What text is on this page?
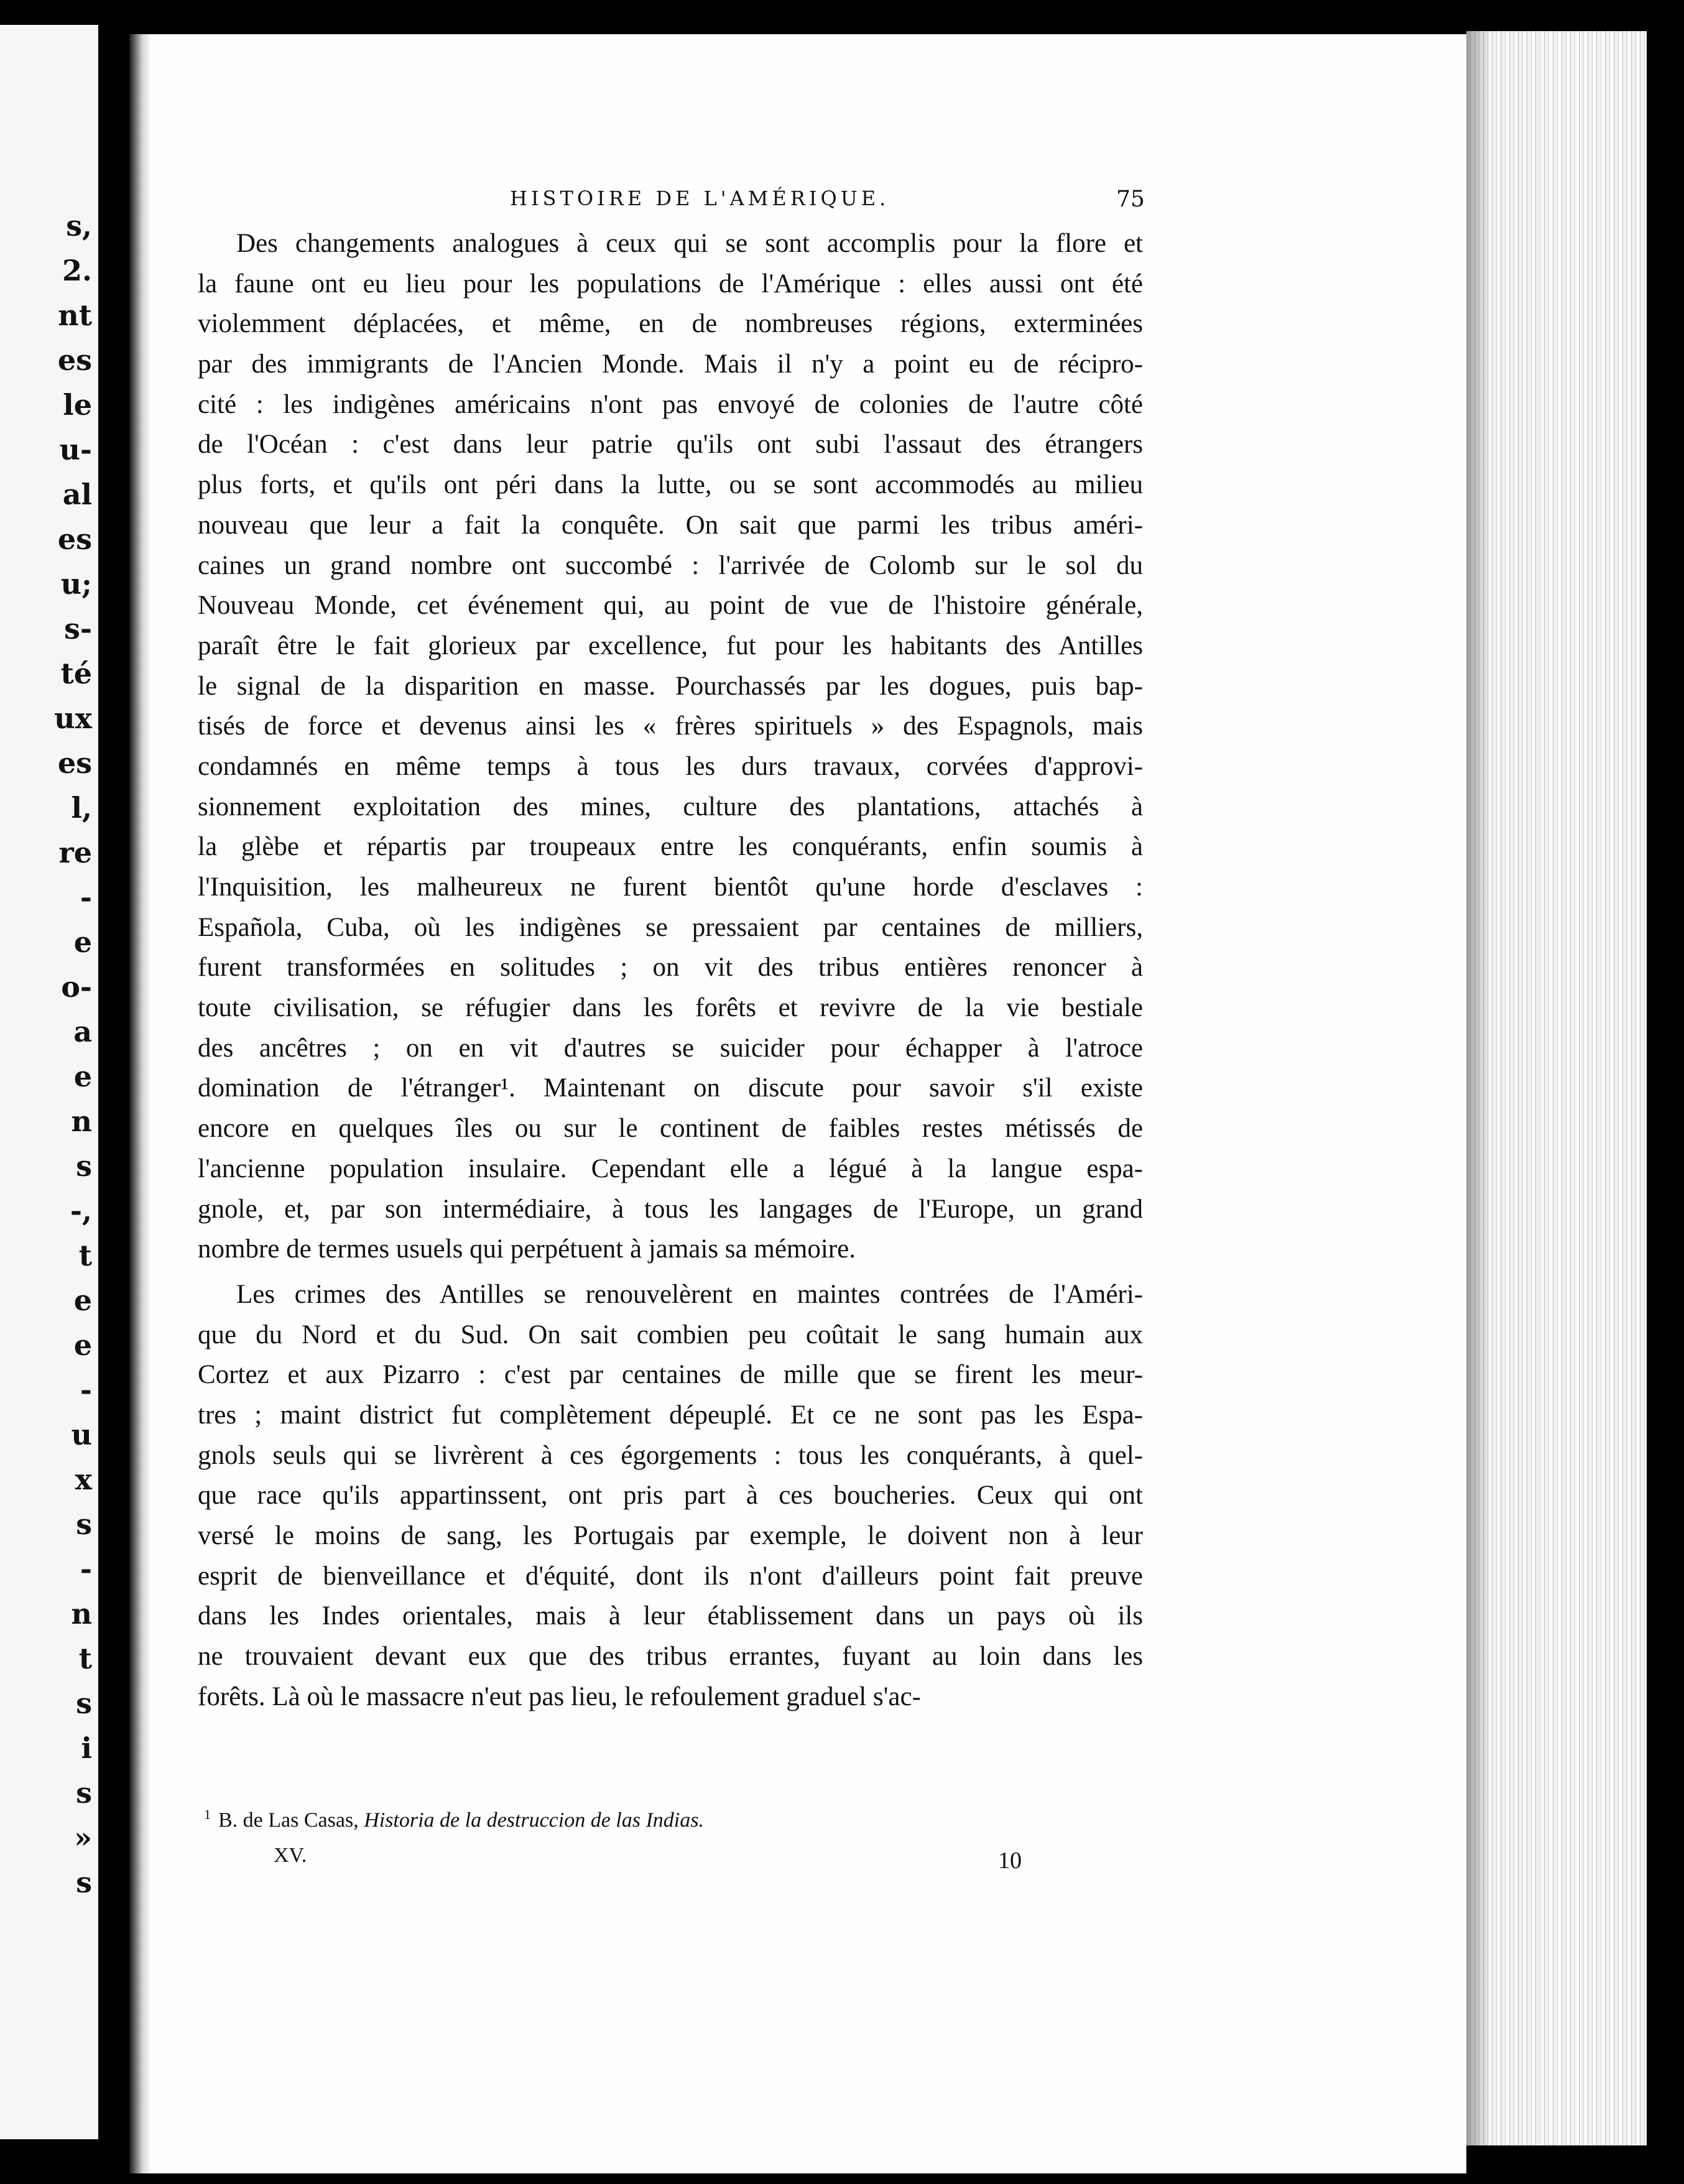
s,
2.
nt
es
le
u-
al
es
u;
s-
té
ux
es
l,
re
-
e
o-
a
e
n
s
-,
t
e
e
-
u
x
s
-
n
t
s
i
s
»
s
HISTOIRE DE L'AMÉRIQUE.	75
Des changements analogues à ceux qui se sont accomplis pour la flore et
la faune ont eu lieu pour les populations de l'Amérique : elles aussi ont été
violemment déplacées, et même, en de nombreuses régions, exterminées
par des immigrants de l'Ancien Monde. Mais il n'y a point eu de récipro-
cité : les indigènes américains n'ont pas envoyé de colonies de l'autre côté
de l'Océan : c'est dans leur patrie qu'ils ont subi l'assaut des étrangers
plus forts, et qu'ils ont péri dans la lutte, ou se sont accommodés au milieu
nouveau que leur a fait la conquête. On sait que parmi les tribus améri-
caines un grand nombre ont succombé : l'arrivée de Colomb sur le sol du
Nouveau Monde, cet événement qui, au point de vue de l'histoire générale,
paraît être le fait glorieux par excellence, fut pour les habitants des Antilles
le signal de la disparition en masse. Pourchassés par les dogues, puis bap-
tisés de force et devenus ainsi les « frères spirituels » des Espagnols, mais
condamnés en même temps à tous les durs travaux, corvées d'approvi-
sionnement exploitation des mines, culture des plantations, attachés à
la glèbe et répartis par troupeaux entre les conquérants, enfin soumis à
l'Inquisition, les malheureux ne furent bientôt qu'une horde d'esclaves :
Española, Cuba, où les indigènes se pressaient par centaines de milliers,
furent transformées en solitudes ; on vit des tribus entières renoncer à
toute civilisation, se réfugier dans les forêts et revivre de la vie bestiale
des ancêtres ; on en vit d'autres se suicider pour échapper à l'atroce
domination de l'étranger¹. Maintenant on discute pour savoir s'il existe
encore en quelques îles ou sur le continent de faibles restes métissés de
l'ancienne population insulaire. Cependant elle a légué à la langue espa-
gnole, et, par son intermédiaire, à tous les langages de l'Europe, un grand
nombre de termes usuels qui perpétuent à jamais sa mémoire.
Les crimes des Antilles se renouvelèrent en maintes contrées de l'Améri-
que du Nord et du Sud. On sait combien peu coûtait le sang humain aux
Cortez et aux Pizarro : c'est par centaines de mille que se firent les meur-
tres ; maint district fut complètement dépeuplé. Et ce ne sont pas les Espa-
gnols seuls qui se livrèrent à ces égorgements : tous les conquérants, à quel-
que race qu'ils appartinssent, ont pris part à ces boucheries. Ceux qui ont
versé le moins de sang, les Portugais par exemple, le doivent non à leur
esprit de bienveillance et d'équité, dont ils n'ont d'ailleurs point fait preuve
dans les Indes orientales, mais à leur établissement dans un pays où ils
ne trouvaient devant eux que des tribus errantes, fuyant au loin dans les
forêts. Là où le massacre n'eut pas lieu, le refoulement graduel s'ac-
$^1$ B. de Las Casas, Historia de la destruccion de las Indias.
XV.	10
